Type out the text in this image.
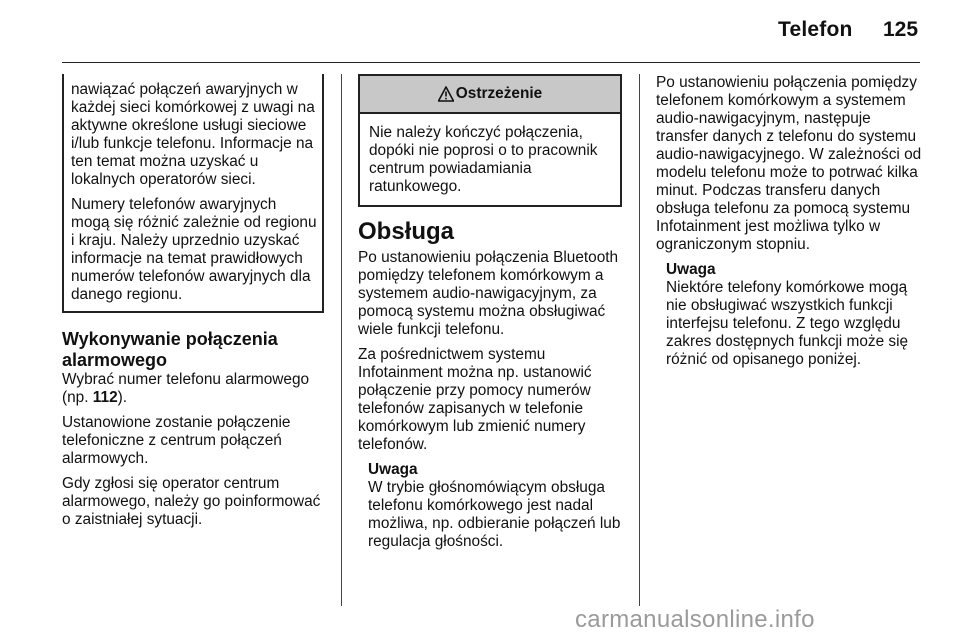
Telefon 125

nawiązać połączeń awaryjnych w każdej sieci komórkowej z uwagi na aktywne określone usługi sieciowe i/lub funkcje telefonu. Informacje na ten temat można uzyskać u lokalnych operatorów sieci.

Numery telefonów awaryjnych mogą się różnić zależnie od regionu i kraju. Należy uprzednio uzyskać informacje na temat prawidłowych numerów telefonów awaryjnych dla danego regionu.

Wykonywanie połączenia alarmowego

Wybrać numer telefonu alarmowego (np. 112).

Ustanowione zostanie połączenie telefoniczne z centrum połączeń alarmowych.

Gdy zgłosi się operator centrum alarmowego, należy go poinformować o zaistniałej sytuacji.

Ostrzeżenie
Nie należy kończyć połączenia, dopóki nie poprosi o to pracownik centrum powiadamiania ratunkowego.
Obsługa

Po ustanowieniu połączenia Bluetooth pomiędzy telefonem komórkowym a systemem audio-nawigacyjnym, za pomocą systemu można obsługiwać wiele funkcji telefonu.

Za pośrednictwem systemu Infotainment można np. ustanowić połączenie przy pomocy numerów telefonów zapisanych w telefonie komórkowym lub zmienić numery telefonów.

Uwaga
W trybie głośnomówiącym obsługa telefonu komórkowego jest nadal możliwa, np. odbieranie połączeń lub regulacja głośności.

Po ustanowieniu połączenia pomiędzy telefonem komórkowym a systemem audio-nawigacyjnym, następuje transfer danych z telefonu do systemu audio-nawigacyjnego. W zależności od modelu telefonu może to potrwać kilka minut. Podczas transferu danych obsługa telefonu za pomocą systemu Infotainment jest możliwa tylko w ograniczonym stopniu.

Uwaga
Niektóre telefony komórkowe mogą nie obsługiwać wszystkich funkcji interfejsu telefonu. Z tego względu zakres dostępnych funkcji może się różnić od opisanego poniżej.
carmanualsonline.info
